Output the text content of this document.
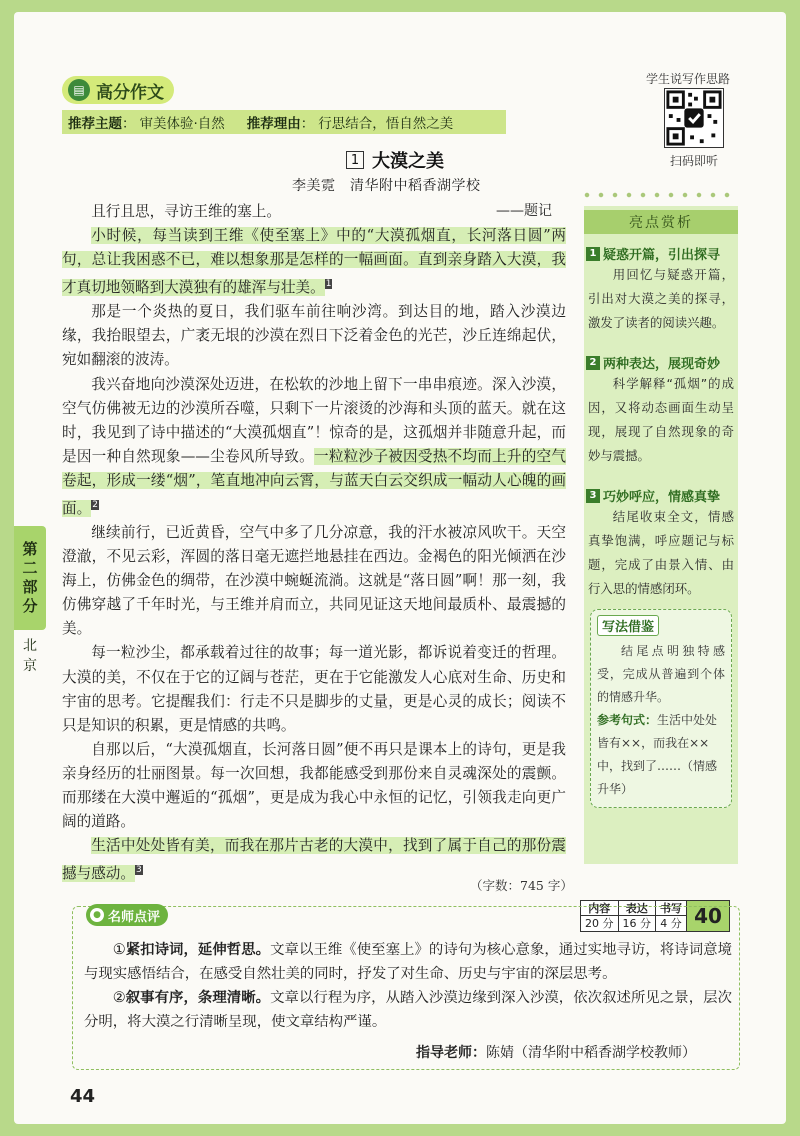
▤ 高分作文
推荐主题 ： 审美体验·自然 推荐理由 ： 行思结合，悟自然之美
学生说写作思路
扫码即听
1 大漠之美
李美霓　清华附中稻香湖学校
——题记

且行且思，寻访王维的塞上。

小时候，每当读到王维《使至塞上》中的“大漠孤烟直，长河落日圆”两句，总让我困惑不已，难以想象那是怎样的一幅画面。直到亲身踏入大漠，我才真切地领略到大漠独有的雄浑与壮美。$^1$

那是一个炎热的夏日，我们驱车前往响沙湾。到达目的地，踏入沙漠边缘，我抬眼望去，广袤无垠的沙漠在烈日下泛着金色的光芒，沙丘连绵起伏，宛如翻滚的波涛。

我兴奋地向沙漠深处迈进，在松软的沙地上留下一串串痕迹。深入沙漠，空气仿佛被无边的沙漠所吞噬，只剩下一片滚烫的沙海和头顶的蓝天。就在这时，我见到了诗中描述的“大漠孤烟直”！惊奇的是，这孤烟并非随意升起，而是因一种自然现象——尘卷风所导致。一粒粒沙子被因受热不均而上升的空气卷起，形成一缕“烟”，笔直地冲向云霄，与蓝天白云交织成一幅动人心魄的画面。$^2$

继续前行，已近黄昏，空气中多了几分凉意，我的汗水被凉风吹干。天空澄澈，不见云彩，浑圆的落日毫无遮拦地悬挂在西边。金褐色的阳光倾洒在沙海上，仿佛金色的绸带，在沙漠中蜿蜒流淌。这就是“落日圆”啊！那一刻，我仿佛穿越了千年时光，与王维并肩而立，共同见证这天地间最质朴、最震撼的美。

每一粒沙尘，都承载着过往的故事；每一道光影，都诉说着变迁的哲理。大漠的美，不仅在于它的辽阔与苍茫，更在于它能激发人心底对生命、历史和宇宙的思考。它提醒我们：行走不只是脚步的丈量，更是心灵的成长；阅读不只是知识的积累，更是情感的共鸣。

自那以后，“大漠孤烟直，长河落日圆”便不再只是课本上的诗句，更是我亲身经历的壮丽图景。每一次回想，我都能感受到那份来自灵魂深处的震颤。而那缕在大漠中邂逅的“孤烟”，更是成为我心中永恒的记忆，引领我走向更广阔的道路。

生活中处处皆有美，而我在那片古老的大漠中，找到了属于自己的那份震撼与感动。$^3$

（字数：745 字）
亮点赏析
1 疑惑开篇，引出探寻
用回忆与疑惑开篇，引出对大漠之美的探寻，激发了读者的阅读兴趣。
2 两种表达，展现奇妙
科学解释“孤烟”的成因，又将动态画面生动呈现，展现了自然现象的奇妙与震撼。
3 巧妙呼应，情感真挚
结尾收束全文，情感真挚饱满，呼应题记与标题，完成了由景入情、由行入思的情感闭环。
写法借鉴
结尾点明独特感受，完成从普遍到个体的情感升华。
参考句式：生活中处处皆有××，而我在××中，找到了……（情感升华）
第
二
部
分
北
京
内容
20 分
表达
16 分
书写
4 分 40
● 名师点评

①紧扣诗词，延伸哲思。文章以王维《使至塞上》的诗句为核心意象，通过实地寻访，将诗词意境与现实感悟结合，在感受自然壮美的同时，抒发了对生命、历史与宇宙的深层思考。

②叙事有序，条理清晰。文章以行程为序，从踏入沙漠边缘到深入沙漠，依次叙述所见之景，层次分明，将大漠之行清晰呈现，使文章结构严谨。

指导老师：陈婧（清华附中稻香湖学校教师）
44
